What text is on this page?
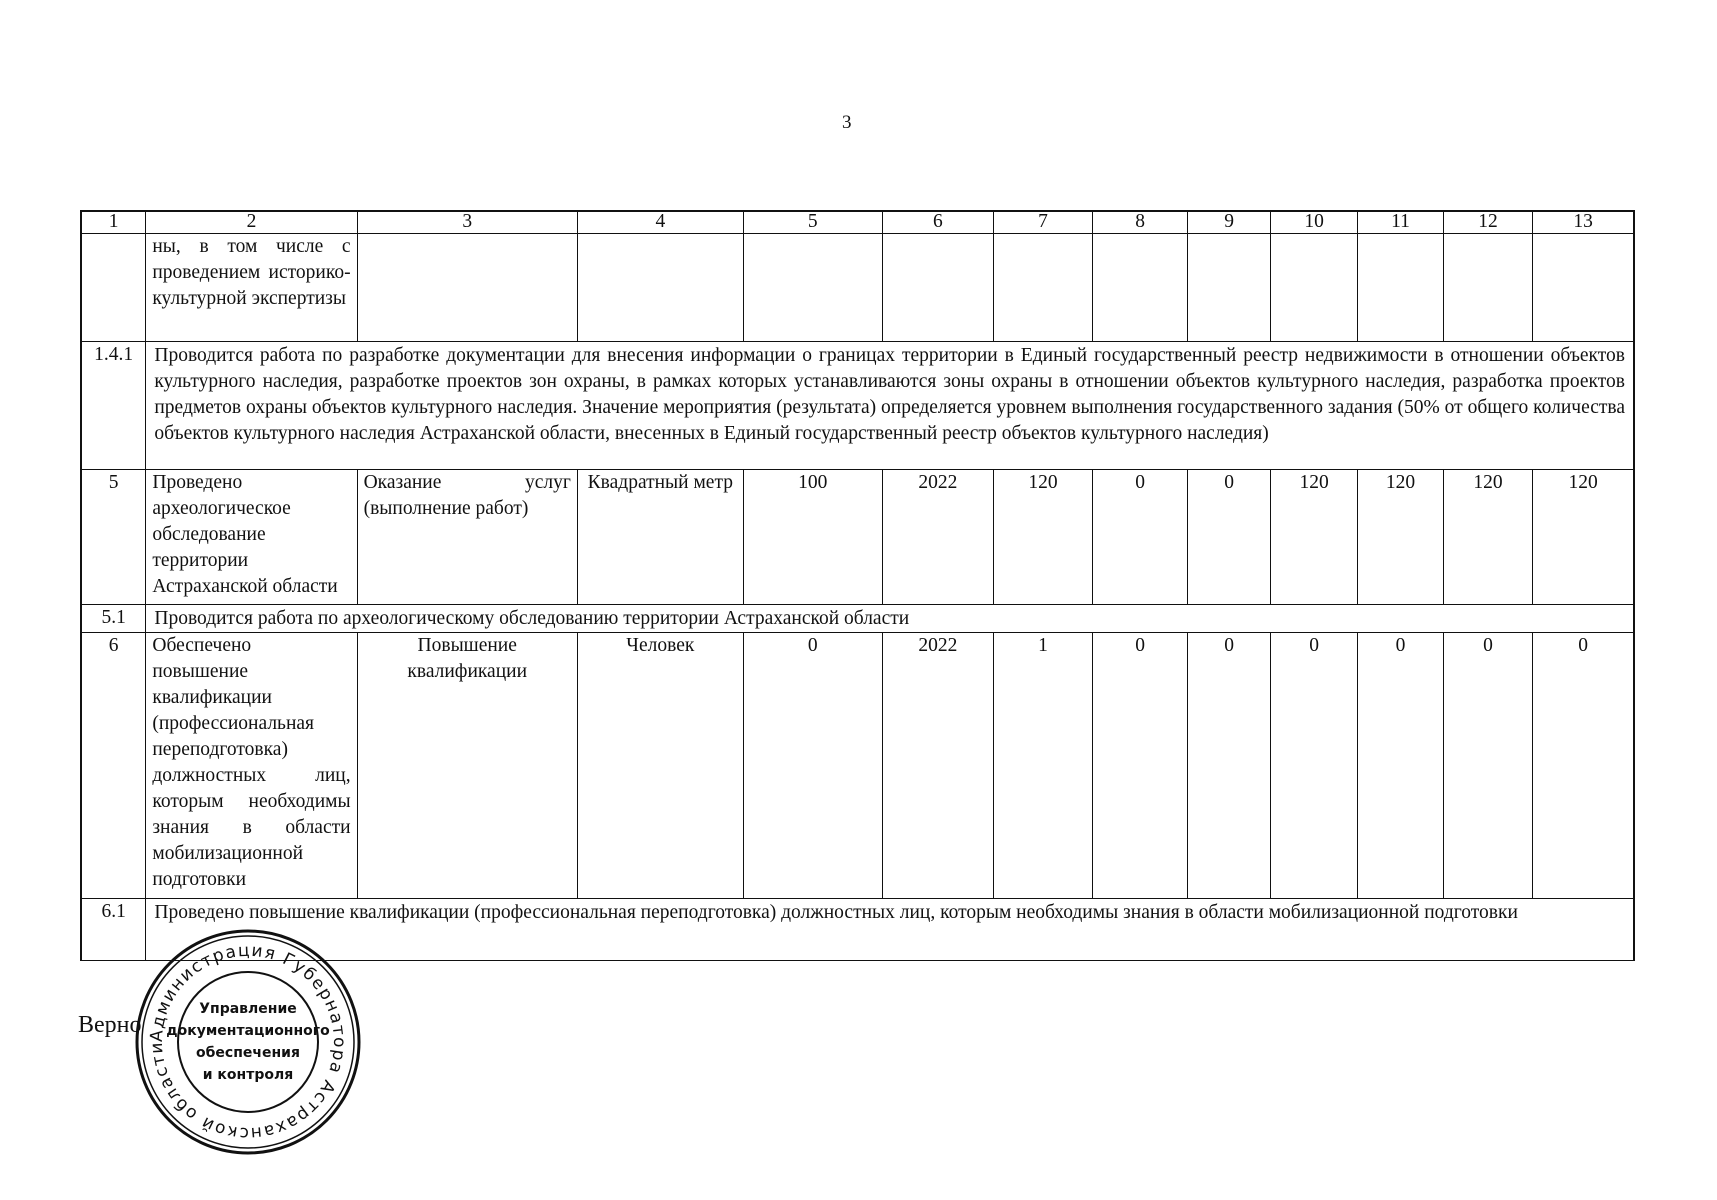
3
1	2	3	4	5	6	7	8	9	10	11	12	13
	ны, в том числе с проведением историко-культурной экспертизы											
1.4.1	Проводится работа по разработке документации для внесения информации о границах территории в Единый государственный реестр недвижимости в отношении объектов культурного наследия, разработке проектов зон охраны, в рамках которых устанавливаются зоны охраны в отношении объектов культурного наследия, разработка проектов предметов охраны объектов культурного наследия. Значение мероприятия (результата) определяется уровнем выполнения государственного задания (50% от общего количества объектов культурного наследия Астраханской области, внесенных в Единый государственный реестр объектов культурного наследия)											
5	Проведено археологическое обследование территории Астраханской области	Оказание услуг (выполнение работ)	Квадратный метр	100	2022	120	0	0	120	120	120	120
5.1	Проводится работа по археологическому обследованию территории Астраханской области											
6	Обеспечено повышение квалификации (профессиональная переподготовка) должностных лиц, которым необходимы знания в области мобилизационной подготовки	Повышение квалификации	Человек	0	2022	1	0	0	0	0	0	0
6.1	Проведено повышение квалификации (профессиональная переподготовка) должностных лиц, которым необходимы знания в области мобилизационной подготовки											
Верно Администрация Губернатора Астраханской области
Управление
документационного
обеспечения
и контроля
